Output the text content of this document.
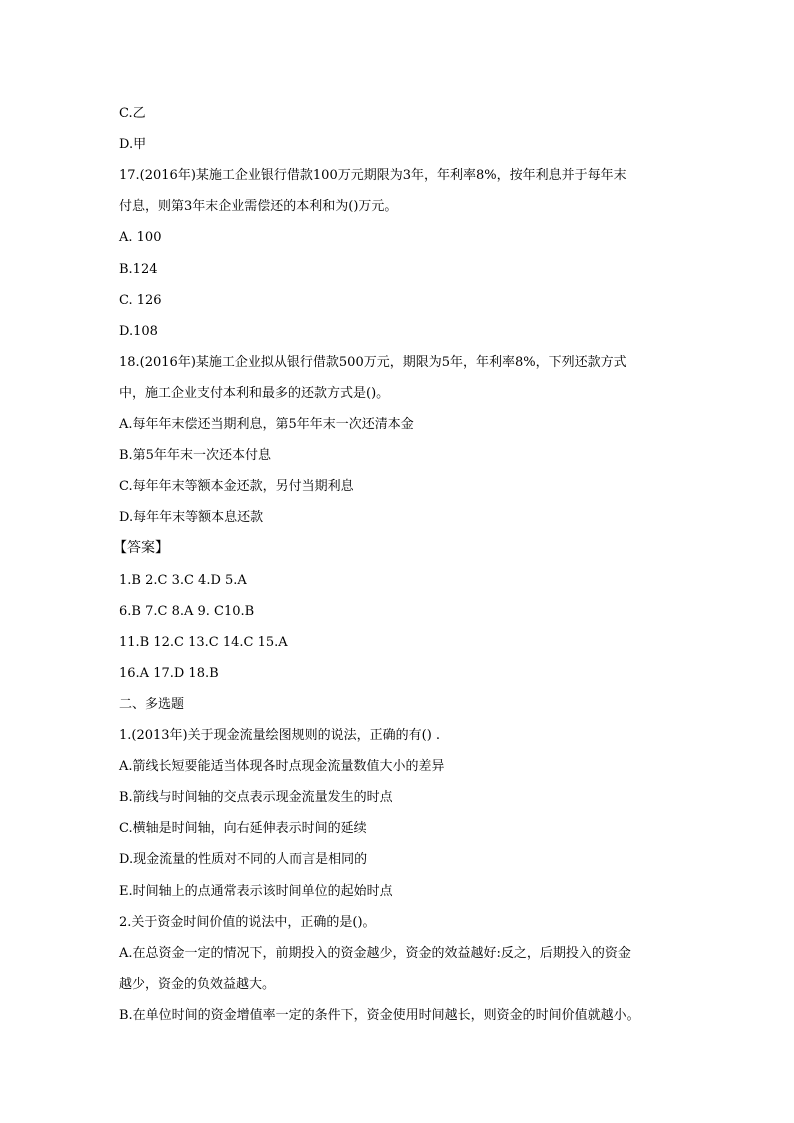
C.乙
D.甲
17.(2016年)某施工企业银行借款100万元期限为3年，年利率8%，按年利息并于每年末
付息，则第3年末企业需偿还的本利和为()万元。
A. 100
B.124
C. 126
D.108
18.(2016年)某施工企业拟从银行借款500万元，期限为5年，年利率8%，下列还款方式
中，施工企业支付本利和最多的还款方式是()。
A.每年年末偿还当期利息，第5年年末一次还清本金
B.第5年年末一次还本付息
C.每年年末等额本金还款，另付当期利息
D.每年年末等额本息还款
【答案】
1.B 2.C 3.C 4.D 5.A
6.B 7.C 8.A 9. C10.B
11.B 12.C 13.C 14.C 15.A
16.A 17.D 18.B
二、多选题
1.(2013年)关于现金流量绘图规则的说法，正确的有() .
A.箭线长短要能适当体现各时点现金流量数值大小的差异
B.箭线与时间轴的交点表示现金流量发生的时点
C.横轴是时间轴，向右延伸表示时间的延续
D.现金流量的性质对不同的人而言是相同的
E.时间轴上的点通常表示该时间单位的起始时点
2.关于资金时间价值的说法中，正确的是()。
A.在总资金一定的情况下，前期投入的资金越少，资金的效益越好:反之，后期投入的资金
越少，资金的负效益越大。
B.在单位时间的资金增值率一定的条件下，资金使用时间越长，则资金的时间价值就越小。
